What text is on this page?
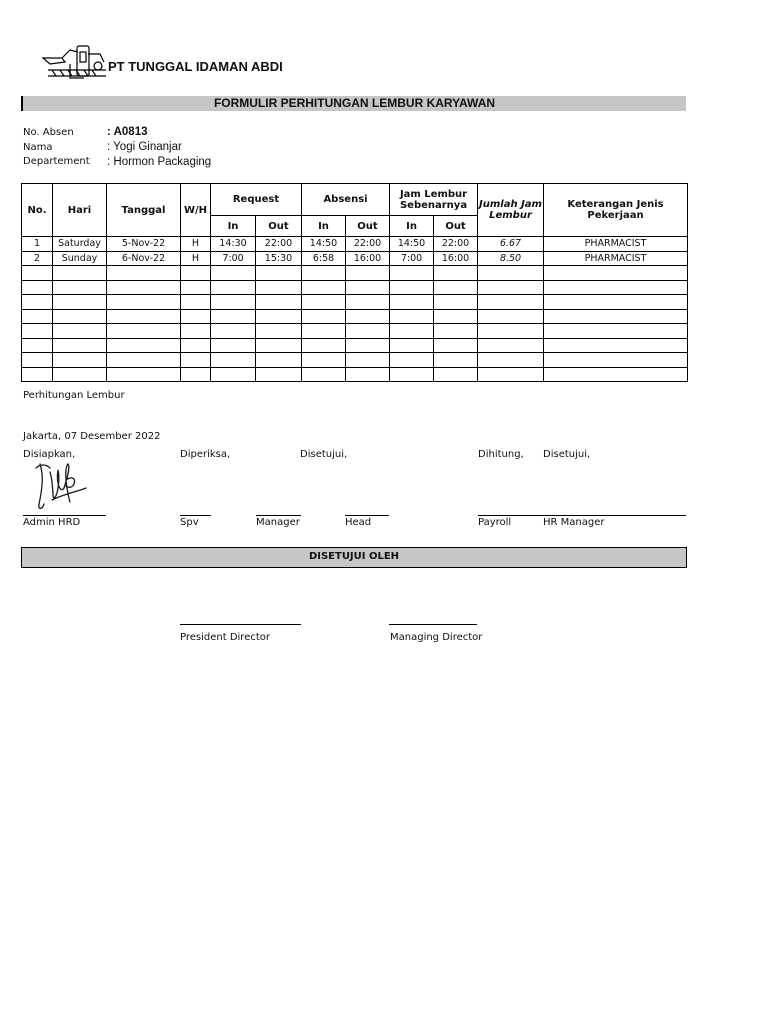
PT TUNGGAL IDAMAN ABDI
FORMULIR PERHITUNGAN LEMBUR KARYAWAN
No. Absen	: A0813
Nama	: Yogi Ginanjar
Departement : Hormon Packaging
No.	Hari	Tanggal	W/H	Request		Absensi		Jam Lembur Sebenarnya		Jumlah Jam Lembur	Keterangan Jenis Pekerjaan
				In	Out	In	Out	In	Out		
1	Saturday	5-Nov-22	H	14:30	22:00	14:50	22:00	14:50	22:00	6.67	PHARMACIST
2	Sunday	6-Nov-22	H	7:00	15:30	6:58	16:00	7:00	16:00	8.50	PHARMACIST

Perhitungan Lembur
Jakarta, 07 Desember 2022
Disiapkan,	Diperiksa,	Disetujui,	Dihitung, Disetujui,
Admin HRD	Spv	Manager	Head	Payroll	HR Manager
DISETUJUI OLEH
President Director	Managing Director
